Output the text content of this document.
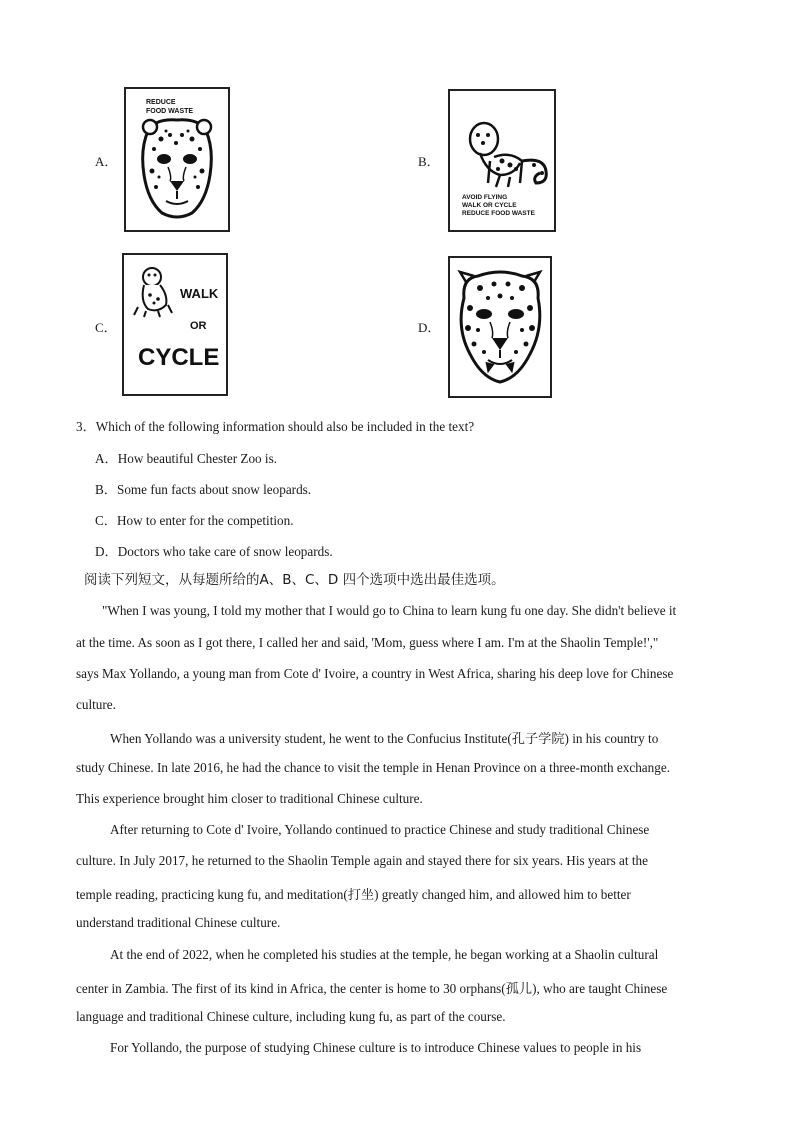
A．	B．
C．	D．
REDUCE
FOOD WASTE
AVOID FLYING
WALK OR CYCLE
REDUCE FOOD WASTE
WALK
OR
CYCLE
3．Which of the following information should also be included in the text?
A．How beautiful Chester Zoo is.
B．Some fun facts about snow leopards.
C．How to enter for the competition.
D．Doctors who take care of snow leopards.
阅读下列短文，从每题所给的A、B、C、D 四个选项中选出最佳选项。
"When I was young, I told my mother that I would go to China to learn kung fu one day. She didn't believe it
at the time. As soon as I got there, I called her and said, 'Mom, guess where I am. I'm at the Shaolin Temple!',"
says Max Yollando, a young man from Cote d' Ivoire, a country in West Africa, sharing his deep love for Chinese
culture.
When Yollando was a university student, he went to the Confucius Institute(孔子学院) in his country to
study Chinese. In late 2016, he had the chance to visit the temple in Henan Province on a three-month exchange.
This experience brought him closer to traditional Chinese culture.
After returning to Cote d' Ivoire, Yollando continued to practice Chinese and study traditional Chinese
culture. In July 2017, he returned to the Shaolin Temple again and stayed there for six years. His years at the
temple reading, practicing kung fu, and meditation(打坐) greatly changed him, and allowed him to better
understand traditional Chinese culture.
At the end of 2022, when he completed his studies at the temple, he began working at a Shaolin cultural
center in Zambia. The first of its kind in Africa, the center is home to 30 orphans(孤儿), who are taught Chinese
language and traditional Chinese culture, including kung fu, as part of the course.
For Yollando, the purpose of studying Chinese culture is to introduce Chinese values to people in his
